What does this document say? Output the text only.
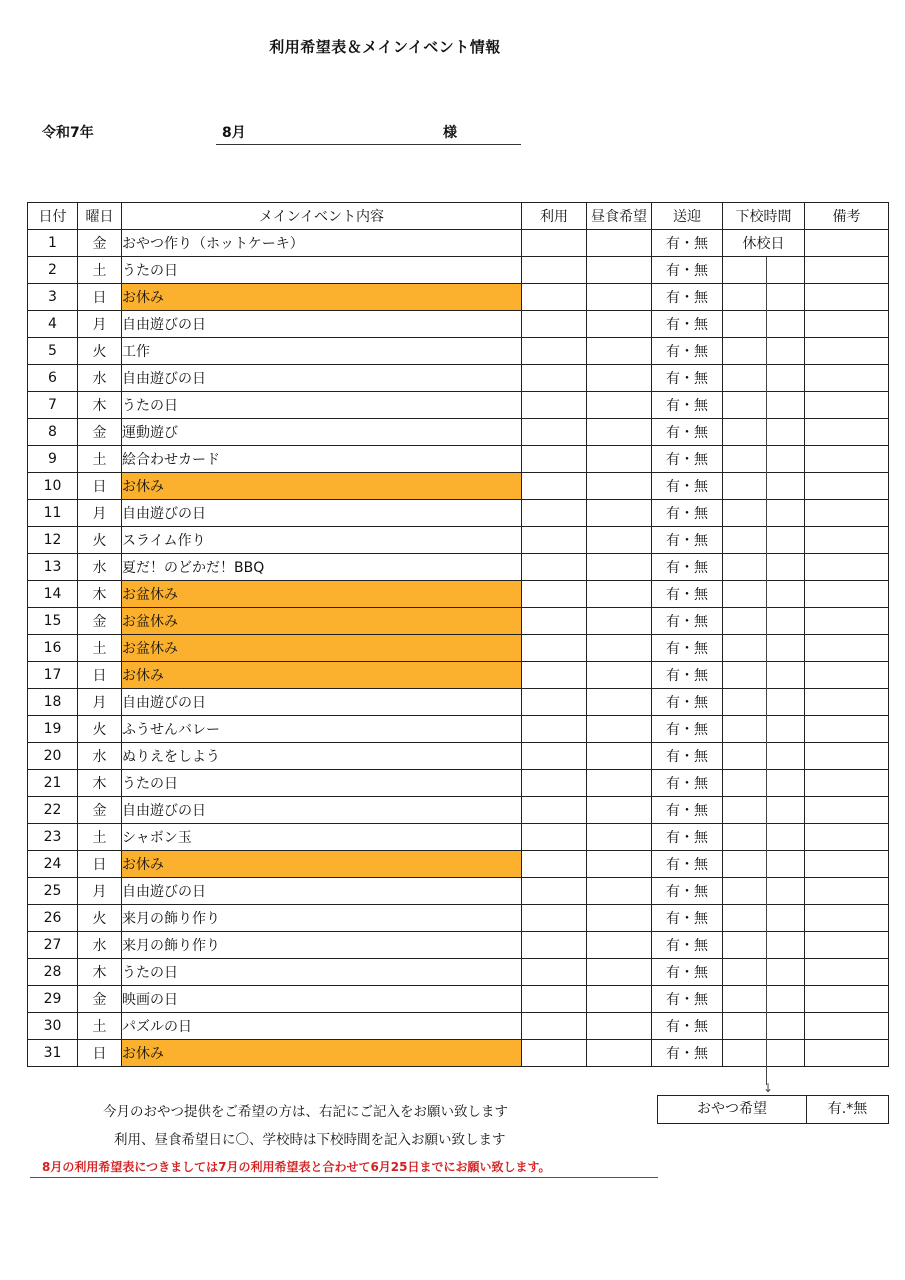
利用希望表＆メインイベント情報
令和7年	8月	様
日付	曜日	メインイベント内容	利用	昼食希望	送迎	下校時間	備考
1	金	おやつ作り（ホットケーキ）			有・無	休校日	
2	土	うたの日			有・無		
3	日	お休み			有・無		
4	月	自由遊びの日			有・無		
5	火	工作			有・無		
6	水	自由遊びの日			有・無		
7	木	うたの日			有・無		
8	金	運動遊び			有・無		
9	土	絵合わせカード			有・無		
10	日	お休み			有・無		
11	月	自由遊びの日			有・無		
12	火	スライム作り			有・無		
13	水	夏だ！のどかだ！BBQ			有・無		
14	木	お盆休み			有・無		
15	金	お盆休み			有・無		
16	土	お盆休み			有・無		
17	日	お休み			有・無		
18	月	自由遊びの日			有・無		
19	火	ふうせんバレー			有・無		
20	水	ぬりえをしよう			有・無		
21	木	うたの日			有・無		
22	金	自由遊びの日			有・無		
23	土	シャボン玉			有・無		
24	日	お休み			有・無		
25	月	自由遊びの日			有・無		
26	火	来月の飾り作り			有・無		
27	水	来月の飾り作り			有・無		
28	木	うたの日			有・無		
29	金	映画の日			有・無		
30	土	パズルの日			有・無		
31	日	お休み			有・無		
↓
今月のおやつ提供をご希望の方は、右記にご記入をお願い致します
利用、昼食希望日に〇、学校時は下校時間を記入お願い致します
8月の利用希望表につきましては7月の利用希望表と合わせて6月25日までにお願い致します。
おやつ希望	有.*無
